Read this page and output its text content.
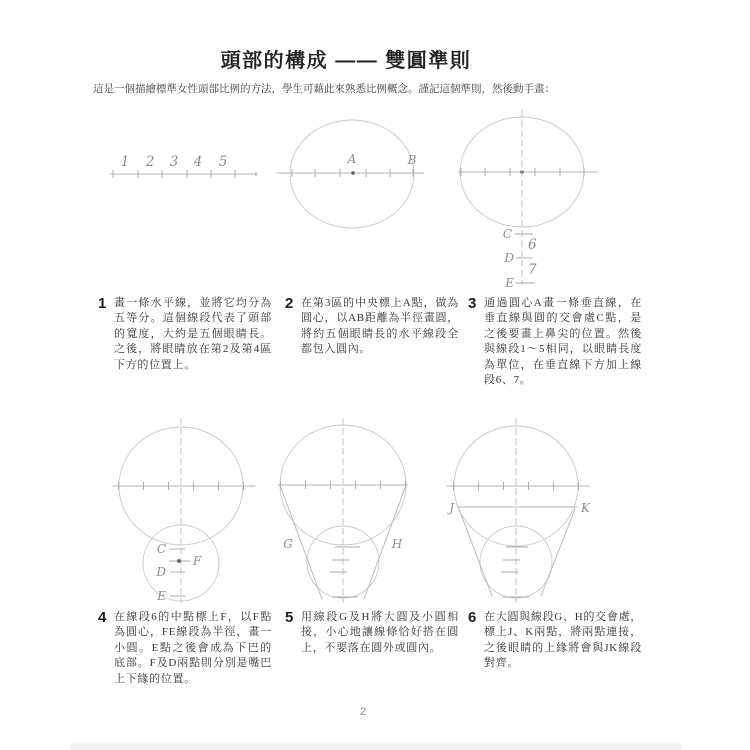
頭部的構成 —— 雙圓準則
這是一個描繪標準女性頭部比例的方法，學生可藉此來熟悉比例概念。謹記這個準則，然後動手畫：
1 2 3 4 5	A	B
C
6
D
7
E
C
F
D
E
G	H
J	K
1 畫一條水平線，並將它均分為五等分。這個線段代表了頭部的寬度，大約是五個眼睛長。之後，將眼睛放在第2及第4區下方的位置上。

2 在第3區的中央標上A點，做為圓心，以AB距離為半徑畫圓，將約五個眼睛長的水平線段全都包入圓內。

3 通過圓心A畫一條垂直線，在垂直線與圓的交會處C點，是之後要畫上鼻尖的位置。然後與線段1～5相同，以眼睛長度為單位，在垂直線下方加上線段6、7。

4 在線段6的中點標上F，以F點為圓心，FE線段為半徑，畫一小圓。E點之後會成為下巴的底部。F及D兩點則分別是嘴巴上下緣的位置。

5 用線段G及H將大圓及小圓相接，小心地讓線條恰好搭在圓上，不要落在圓外或圓內。

6 在大圓與線段G、H的交會處，標上J、K兩點，將兩點連接，之後眼睛的上緣將會與JK線段對齊。

2
